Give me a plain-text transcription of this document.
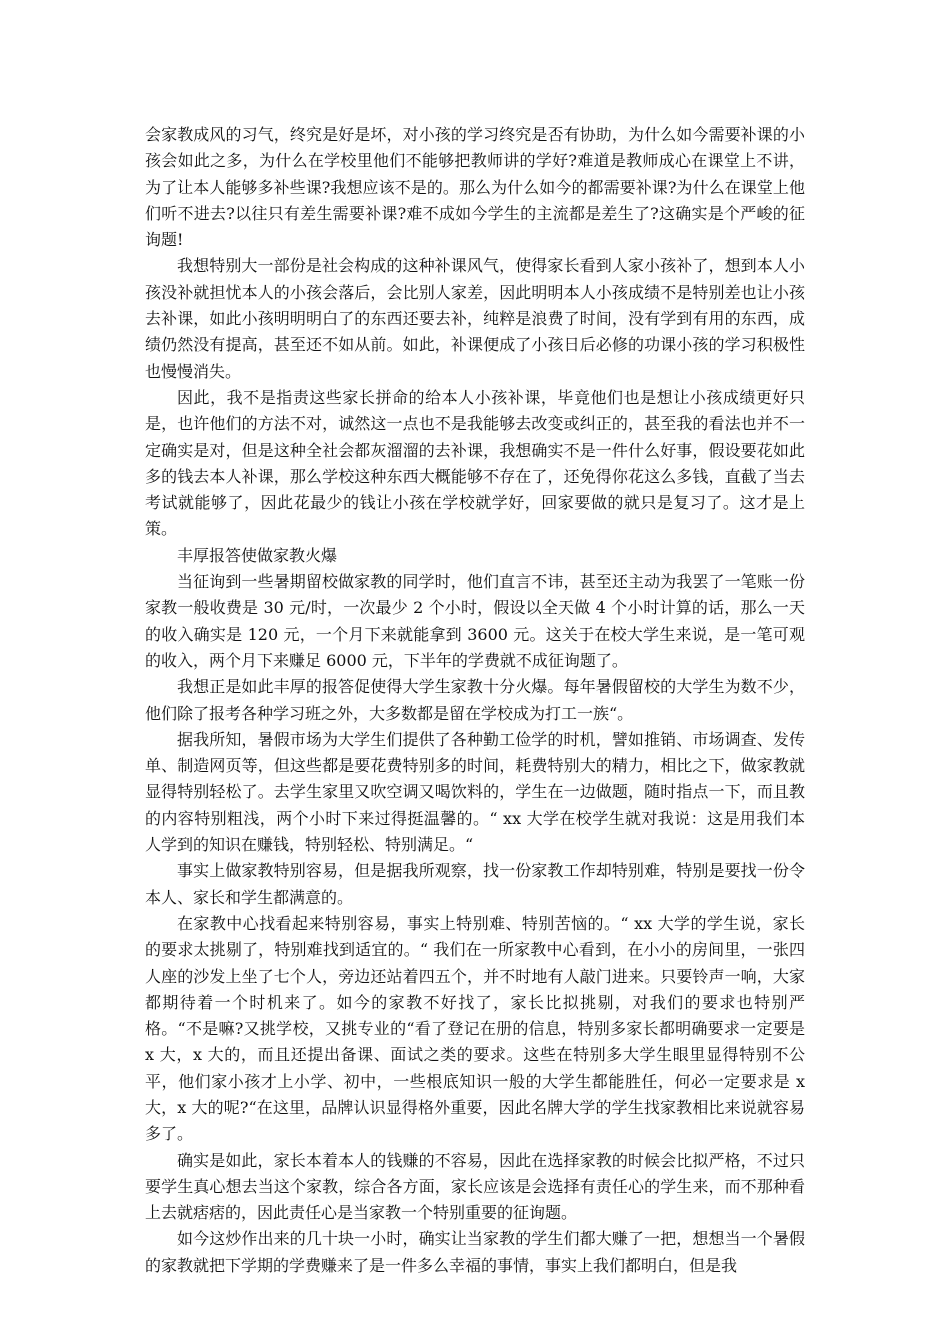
会家教成风的习气，终究是好是坏，对小孩的学习终究是否有协助，为什么如今需要补课的小孩会如此之多，为什么在学校里他们不能够把教师讲的学好?难道是教师成心在课堂上不讲，为了让本人能够多补些课?我想应该不是的。那么为什么如今的都需要补课?为什么在课堂上他们听不进去?以往只有差生需要补课?难不成如今学生的主流都是差生了?这确实是个严峻的征询题!

我想特别大一部份是社会构成的这种补课风气，使得家长看到人家小孩补了，想到本人小孩没补就担忧本人的小孩会落后，会比别人家差，因此明明本人小孩成绩不是特别差也让小孩去补课，如此小孩明明明白了的东西还要去补，纯粹是浪费了时间，没有学到有用的东西，成绩仍然没有提高，甚至还不如从前。如此，补课便成了小孩日后必修的功课小孩的学习积极性也慢慢消失。

因此，我不是指责这些家长拼命的给本人小孩补课，毕竟他们也是想让小孩成绩更好只是，也许他们的方法不对，诚然这一点也不是我能够去改变或纠正的，甚至我的看法也并不一定确实是对，但是这种全社会都灰溜溜的去补课，我想确实不是一件什么好事，假设要花如此多的钱去本人补课，那么学校这种东西大概能够不存在了，还免得你花这么多钱，直截了当去考试就能够了，因此花最少的钱让小孩在学校就学好，回家要做的就只是复习了。这才是上策。

丰厚报答使做家教火爆

当征询到一些暑期留校做家教的同学时，他们直言不讳，甚至还主动为我罢了一笔账一份家教一般收费是 30 元/时，一次最少 2 个小时，假设以全天做 4 个小时计算的话，那么一天的收入确实是 120 元，一个月下来就能拿到 3600 元。这关于在校大学生来说，是一笔可观的收入，两个月下来赚足 6000 元，下半年的学费就不成征询题了。

我想正是如此丰厚的报答促使得大学生家教十分火爆。每年暑假留校的大学生为数不少，他们除了报考各种学习班之外，大多数都是留在学校成为打工一族“。

据我所知，暑假市场为大学生们提供了各种勤工俭学的时机，譬如推销、市场调查、发传单、制造网页等，但这些都是要花费特别多的时间，耗费特别大的精力，相比之下，做家教就显得特别轻松了。去学生家里又吹空调又喝饮料的，学生在一边做题，随时指点一下，而且教的内容特别粗浅，两个小时下来过得挺温馨的。“ xx 大学在校学生就对我说：这是用我们本人学到的知识在赚钱，特别轻松、特别满足。“

事实上做家教特别容易，但是据我所观察，找一份家教工作却特别难，特别是要找一份令本人、家长和学生都满意的。

在家教中心找看起来特别容易，事实上特别难、特别苦恼的。“ xx 大学的学生说，家长的要求太挑剔了，特别难找到适宜的。“ 我们在一所家教中心看到，在小小的房间里，一张四人座的沙发上坐了七个人，旁边还站着四五个，并不时地有人敲门进来。只要铃声一响，大家都期待着一个时机来了。如今的家教不好找了，家长比拟挑剔，对我们的要求也特别严格。“不是嘛?又挑学校，又挑专业的“看了登记在册的信息，特别多家长都明确要求一定要是 x 大，x 大的，而且还提出备课、面试之类的要求。这些在特别多大学生眼里显得特别不公平，他们家小孩才上小学、初中，一些根底知识一般的大学生都能胜任，何必一定要求是 x 大，x 大的呢?“在这里，品牌认识显得格外重要，因此名牌大学的学生找家教相比来说就容易多了。

确实是如此，家长本着本人的钱赚的不容易，因此在选择家教的时候会比拟严格，不过只要学生真心想去当这个家教，综合各方面，家长应该是会选择有责任心的学生来，而不那种看上去就痞痞的，因此责任心是当家教一个特别重要的征询题。

如今这炒作出来的几十块一小时，确实让当家教的学生们都大赚了一把，想想当一个暑假的家教就把下学期的学费赚来了是一件多么幸福的事情，事实上我们都明白，但是我
